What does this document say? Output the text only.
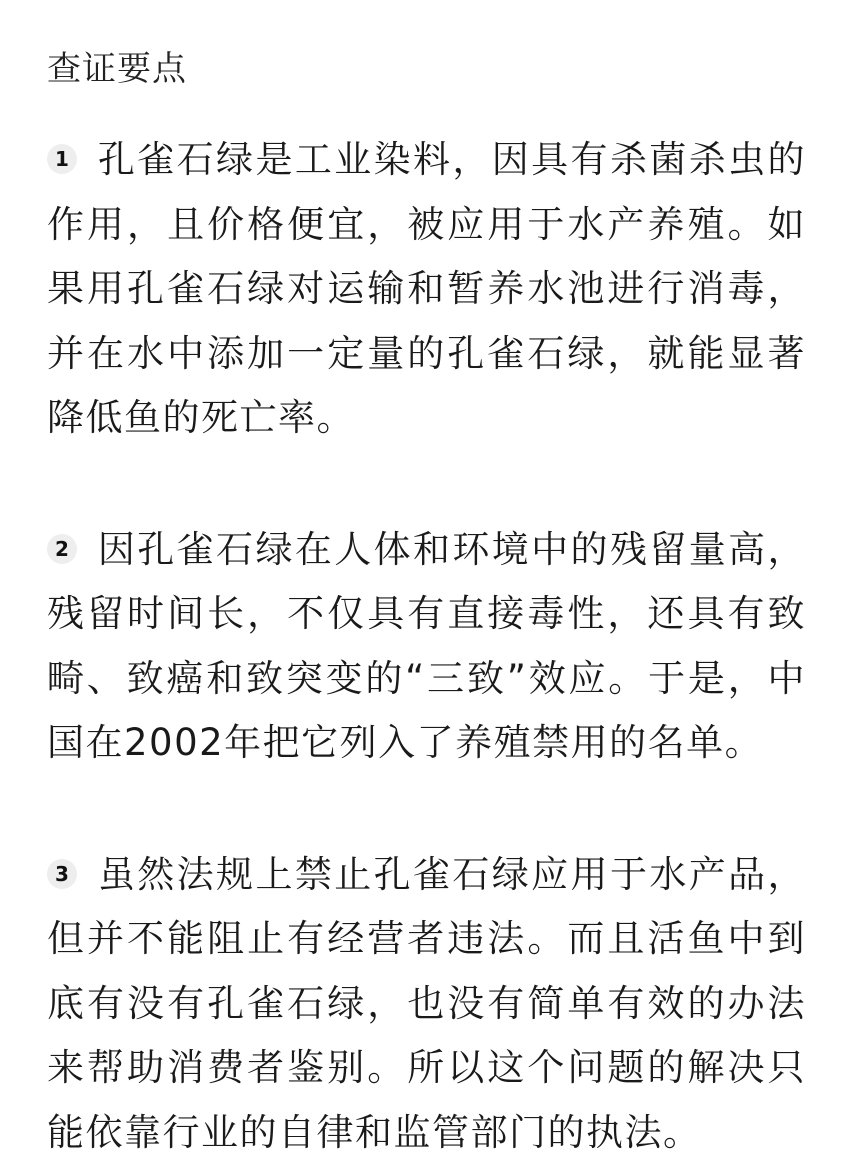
查证要点
1 孔雀石绿是工业染料，因具有杀菌杀虫的作用，且价格便宜，被应用于水产养殖。如果用孔雀石绿对运输和暂养水池进行消毒，并在水中添加一定量的孔雀石绿，就能显著降低鱼的死亡率。
2 因孔雀石绿在人体和环境中的残留量高，残留时间长，不仅具有直接毒性，还具有致畸、致癌和致突变的“三致”效应。于是，中国在2002年把它列入了养殖禁用的名单。
3 虽然法规上禁止孔雀石绿应用于水产品，但并不能阻止有经营者违法。而且活鱼中到底有没有孔雀石绿，也没有简单有效的办法来帮助消费者鉴别。所以这个问题的解决只能依靠行业的自律和监管部门的执法。
